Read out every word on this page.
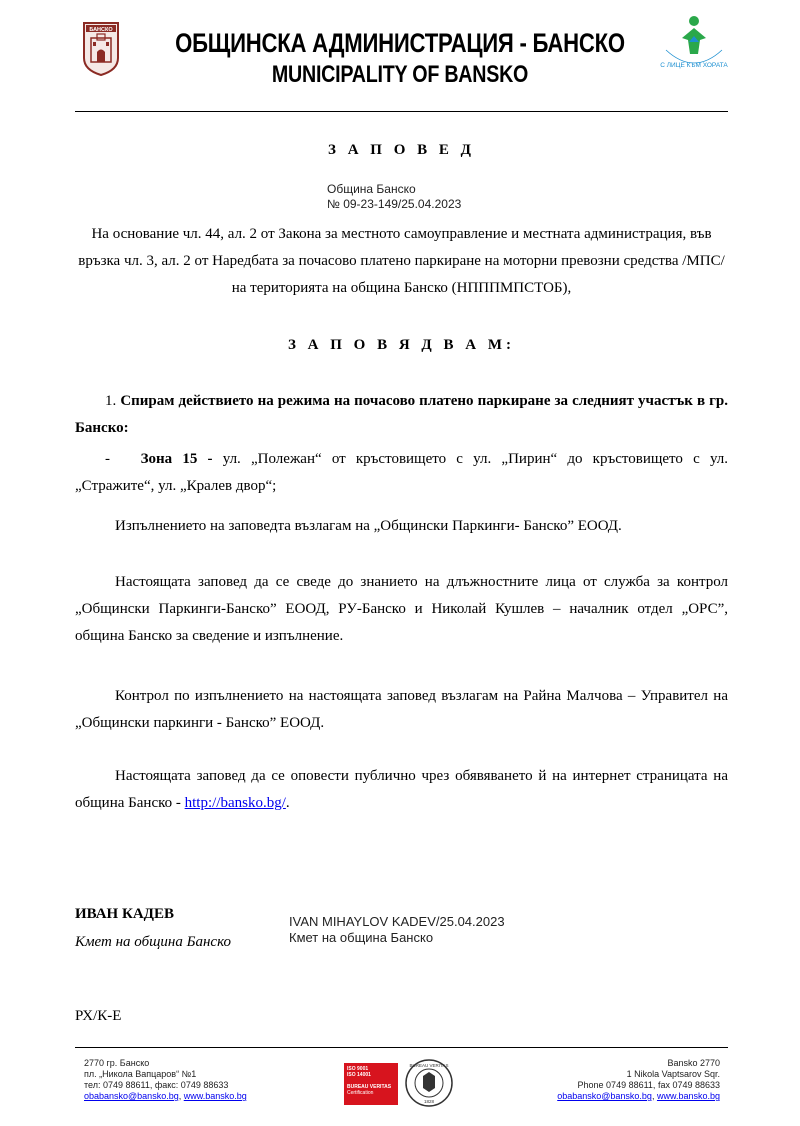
БАНСКО ОБЩИНСКА АДМИНИСТРАЦИЯ - БАНСКО
MUNICIPALITY OF BANSKO	С ЛИЦЕ КЪМ ХОРАТА
З А П О В Е Д
Община Банско
№ 09-23-149/25.04.2023
На основание чл. 44, ал. 2 от Закона за местното самоуправление и местната администрация, във връзка чл. 3, ал. 2 от Наредбата за почасово платено паркиране на моторни превозни средства /МПС/ на територията на община Банско (НПППМПСТОБ),
З А П О В Я Д В А М:
1. Спирам действието на режима на почасово платено паркиране за следният участък в гр. Банско:
- Зона 15 - ул. „Полежан“ от кръстовището с ул. „Пирин“ до кръстовището с ул.
„Стражите“, ул. „Кралев двор“;
Изпълнението на заповедта възлагам на „Общински Паркинги- Банско” ЕООД.
Настоящата заповед да се сведе до знанието на длъжностните лица от служба за контрол „Общински Паркинги-Банско” ЕООД, РУ-Банско и Николай Кушлев – началник отдел „ОРС”, община Банско за сведение и изпълнение.
Контрол по изпълнението на настоящата заповед възлагам на Райна Малчова – Управител на „Общински паркинги - Банско” ЕООД.
Настоящата заповед да се оповести публично чрез обявяването й на интернет страницата на община Банско - http://bansko.bg/.
ИВАН КАДЕВ
Кмет на община Банско
IVAN MIHAYLOV KADEV/25.04.2023
Кмет на община Банско
РХ/К-Е
2770 гр. Банско
пл. „Никола Вапцаров“ №1
тел: 0749 88611, факс: 0749 88633
obabansko@bansko.bg, www.bansko.bg
ISO 9001
ISO 14001
BUREAU VERITAS
Certification
BUREAU VERITAS
1828
Bansko 2770
1 Nikola Vaptsarov Sqr.
Phone 0749 88611, fax 0749 88633
obabansko@bansko.bg, www.bansko.bg
